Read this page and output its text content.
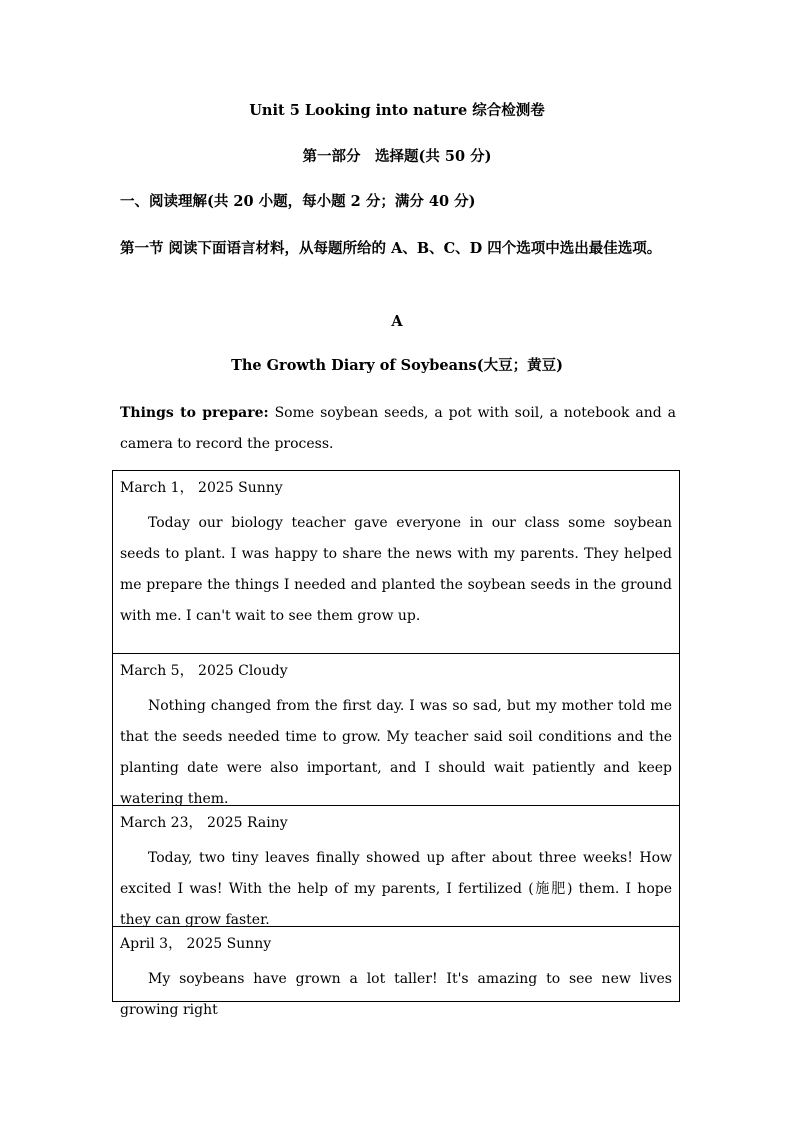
Unit 5 Looking into nature 综合检测卷
第一部分　选择题(共 50 分)
一、阅读理解(共 20 小题，每小题 2 分；满分 40 分)
第一节 阅读下面语言材料，从每题所给的 A、B、C、D 四个选项中选出最佳选项。
A
The Growth Diary of Soybeans(大豆；黄豆)
Things to prepare: Some soybean seeds, a pot with soil, a notebook and a camera to record the process.
March 1， 2025 Sunny
Today our biology teacher gave everyone in our class some soybean seeds to plant. I was happy to share the news with my parents. They helped me prepare the things I needed and planted the soybean seeds in the ground with me. I can't wait to see them grow up.
March 5， 2025 Cloudy
Nothing changed from the first day. I was so sad, but my mother told me that the seeds needed time to grow. My teacher said soil conditions and the planting date were also important, and I should wait patiently and keep watering them.
March 23， 2025 Rainy
Today, two tiny leaves finally showed up after about three weeks! How excited I was! With the help of my parents, I fertilized (施肥) them. I hope they can grow faster.
April 3， 2025 Sunny
My soybeans have grown a lot taller! It's amazing to see new lives growing right
